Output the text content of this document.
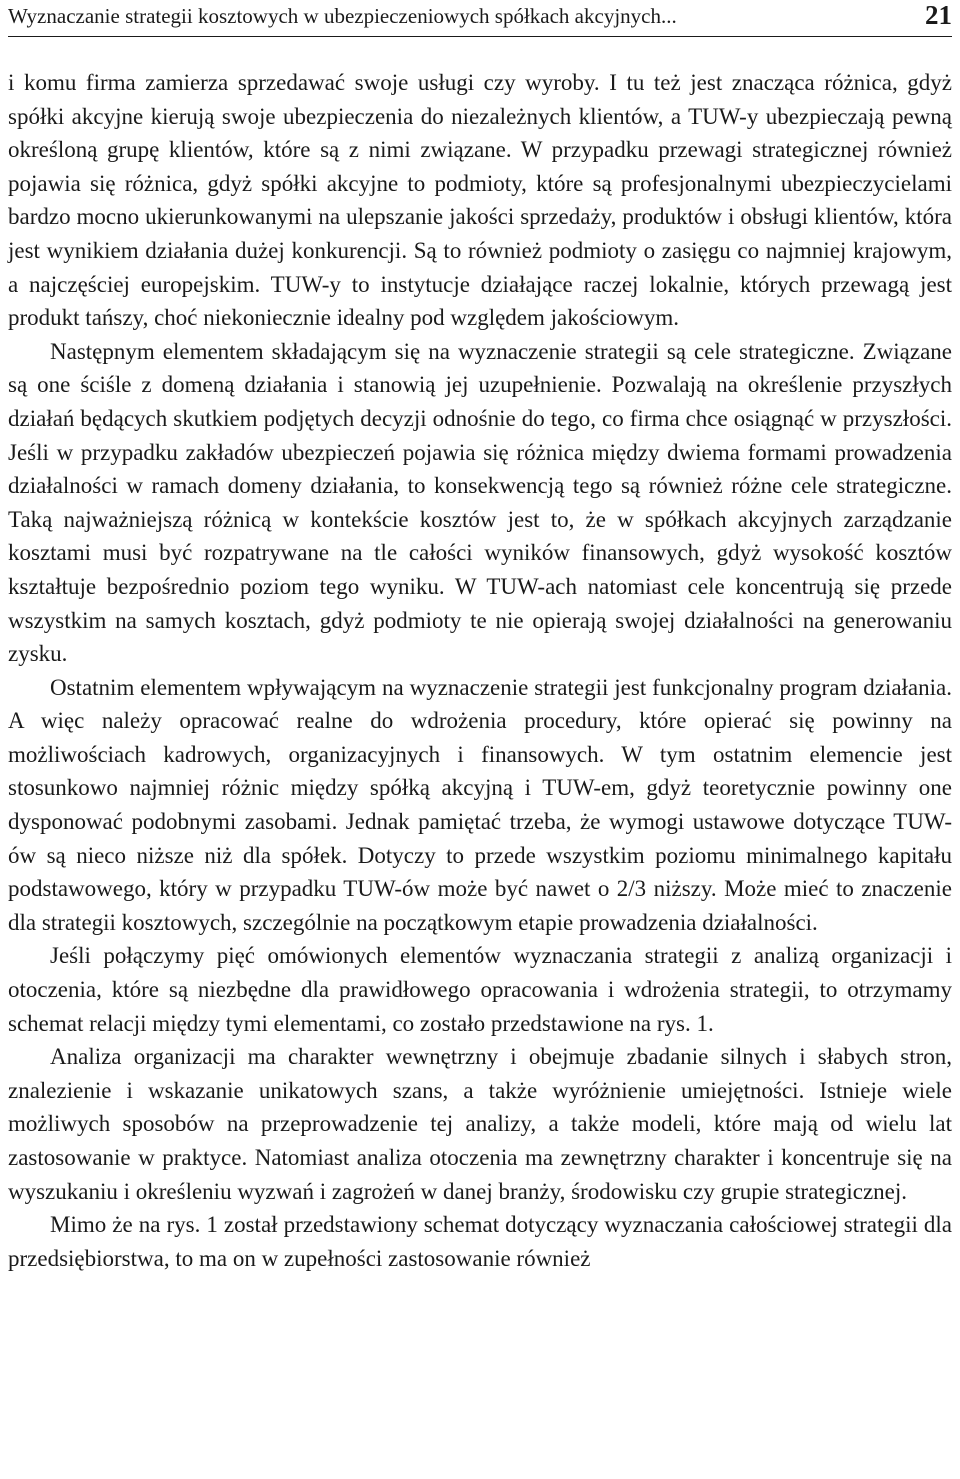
Wyznaczanie strategii kosztowych w ubezpieczeniowych spółkach akcyjnych...	21

i komu firma zamierza sprzedawać swoje usługi czy wyroby. I tu też jest znacząca różnica, gdyż spółki akcyjne kierują swoje ubezpieczenia do niezależnych klientów, a TUW-y ubezpieczają pewną określoną grupę klientów, które są z nimi związane. W przypadku przewagi strategicznej również pojawia się różnica, gdyż spółki akcyjne to podmioty, które są profesjonalnymi ubezpieczycielami bardzo mocno ukierunkowanymi na ulepszanie jakości sprzedaży, produktów i obsługi klientów, która jest wynikiem działania dużej konkurencji. Są to również podmioty o zasięgu co najmniej krajowym, a najczęściej europejskim. TUW-y to instytucje działające raczej lokalnie, których przewagą jest produkt tańszy, choć niekoniecznie idealny pod względem jakościowym.

Następnym elementem składającym się na wyznaczenie strategii są cele strategiczne. Związane są one ściśle z domeną działania i stanowią jej uzupełnienie. Pozwalają na określenie przyszłych działań będących skutkiem podjętych decyzji odnośnie do tego, co firma chce osiągnąć w przyszłości. Jeśli w przypadku zakładów ubezpieczeń pojawia się różnica między dwiema formami prowadzenia działalności w ramach domeny działania, to konsekwencją tego są również różne cele strategiczne. Taką najważniejszą różnicą w kontekście kosztów jest to, że w spółkach akcyjnych zarządzanie kosztami musi być rozpatrywane na tle całości wyników finansowych, gdyż wysokość kosztów kształtuje bezpośrednio poziom tego wyniku. W TUW-ach natomiast cele koncentrują się przede wszystkim na samych kosztach, gdyż podmioty te nie opierają swojej działalności na generowaniu zysku.

Ostatnim elementem wpływającym na wyznaczenie strategii jest funkcjonalny program działania. A więc należy opracować realne do wdrożenia procedury, które opierać się powinny na możliwościach kadrowych, organizacyjnych i finansowych. W tym ostatnim elemencie jest stosunkowo najmniej różnic między spółką akcyjną i TUW-em, gdyż teoretycznie powinny one dysponować podobnymi zasobami. Jednak pamiętać trzeba, że wymogi ustawowe dotyczące TUW-ów są nieco niższe niż dla spółek. Dotyczy to przede wszystkim poziomu minimalnego kapitału podstawowego, który w przypadku TUW-ów może być nawet o 2/3 niższy. Może mieć to znaczenie dla strategii kosztowych, szczególnie na początkowym etapie prowadzenia działalności.

Jeśli połączymy pięć omówionych elementów wyznaczania strategii z analizą organizacji i otoczenia, które są niezbędne dla prawidłowego opracowania i wdrożenia strategii, to otrzymamy schemat relacji między tymi elementami, co zostało przedstawione na rys. 1.

Analiza organizacji ma charakter wewnętrzny i obejmuje zbadanie silnych i słabych stron, znalezienie i wskazanie unikatowych szans, a także wyróżnienie umiejętności. Istnieje wiele możliwych sposobów na przeprowadzenie tej analizy, a także modeli, które mają od wielu lat zastosowanie w praktyce. Natomiast analiza otoczenia ma zewnętrzny charakter i koncentruje się na wyszukaniu i określeniu wyzwań i zagrożeń w danej branży, środowisku czy grupie strategicznej.

Mimo że na rys. 1 został przedstawiony schemat dotyczący wyznaczania całościowej strategii dla przedsiębiorstwa, to ma on w zupełności zastosowanie również
